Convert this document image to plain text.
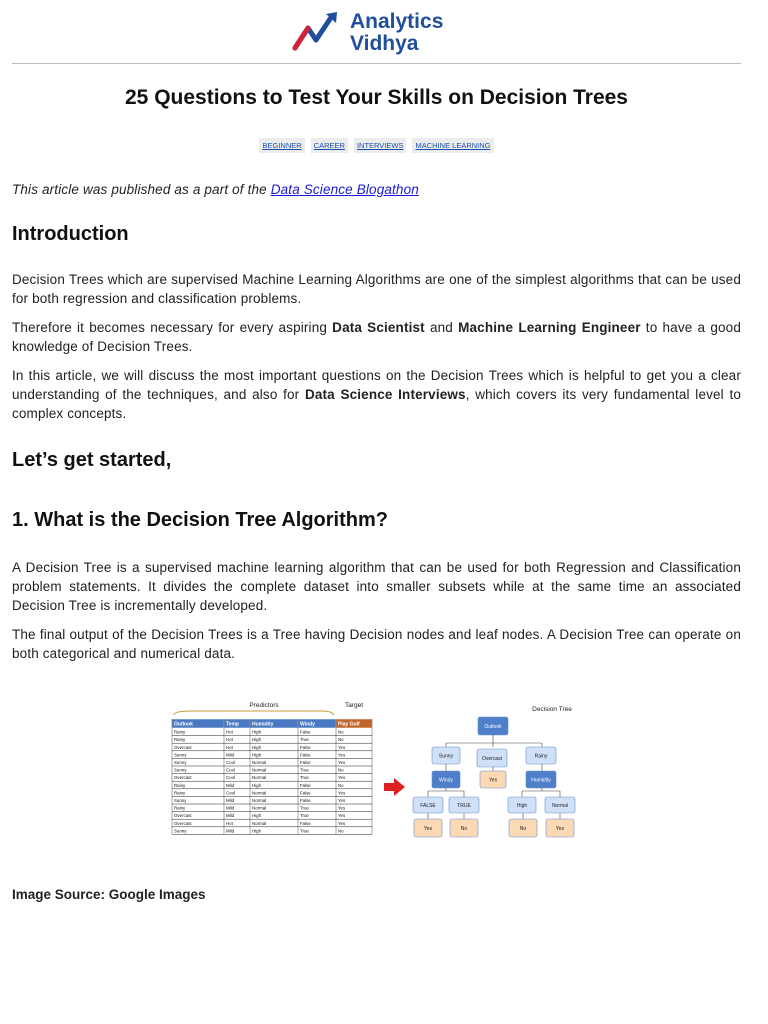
Analytics
Vidhya
25 Questions to Test Your Skills on Decision Trees
BEGINNER CAREER INTERVIEWS MACHINE LEARNING

This article was published as a part of the Data Science Blogathon

Introduction

Decision Trees which are supervised Machine Learning Algorithms are one of the simplest algorithms that can be used for both regression and classification problems.

Therefore it becomes necessary for every aspiring Data Scientist and Machine Learning Engineer to have a good knowledge of Decision Trees.

In this article, we will discuss the most important questions on the Decision Trees which is helpful to get you a clear understanding of the techniques, and also for Data Science Interviews, which covers its very fundamental level to complex concepts.

Let’s get started,
1. What is the Decision Tree Algorithm?

A Decision Tree is a supervised machine learning algorithm that can be used for both Regression and Classification problem statements. It divides the complete dataset into smaller subsets while at the same time an associated Decision Tree is incrementally developed.

The final output of the Decision Trees is a Tree having Decision nodes and leaf nodes. A Decision Tree can operate on both categorical and numerical data.

Predictors	Target
Outlook	Temp	Humidity	Windy	Play Golf
Rainy	Hot	High	False	No
Rainy	Hot	High	True	No
Overcast	Hot	High	False	Yes
Sunny	Mild	High	False	Yes
Sunny	Cool	Normal	False	Yes
Sunny	Cool	Normal	True	No
Overcast	Cool	Normal	True	Yes
Rainy	Mild	High	False	No
Rainy	Cool	Normal	False	Yes
Sunny	Mild	Normal	False	Yes
Rainy	Mild	Normal	True	Yes
Overcast	Mild	High	True	Yes
Overcast	Hot	Normal	False	Yes
Sunny	Mild	High	True	No
Decision Tree
Outlook
Sunny	Overcast	Rainy
Windy	Yes	Humidity
FALSE	TRUE	High	Normal
Yes	No	No	Yes
Image Source: Google Images
